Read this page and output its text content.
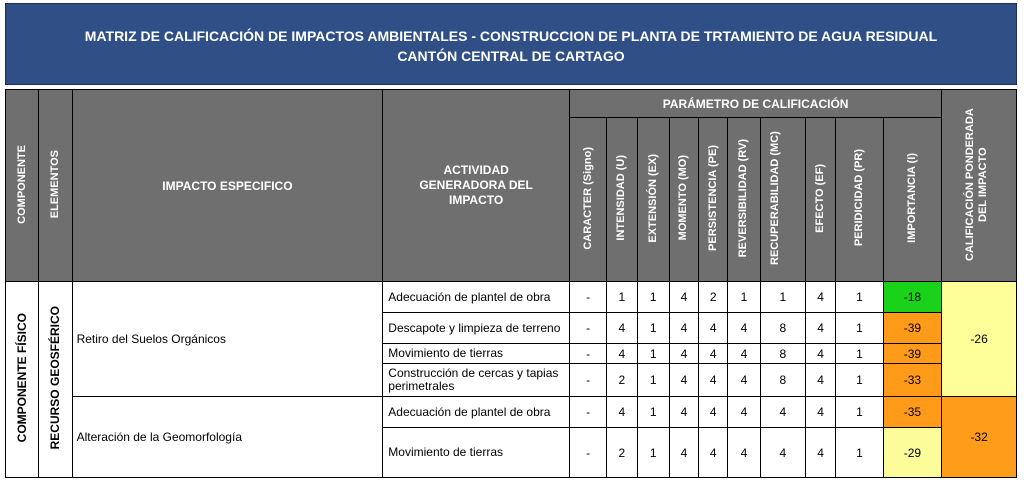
MATRIZ DE CALIFICACIÓN DE IMPACTOS AMBIENTALES - CONSTRUCCION DE PLANTA DE TRTAMIENTO DE AGUA RESIDUAL
CANTÓN CENTRAL DE CARTAGO
COMPONENTE	ELEMENTOS	IMPACTO ESPECIFICO	ACTIVIDAD GENERADORA DEL IMPACTO	PARÁMETRO DE CALIFICACIÓN										CALIFICACIÓN PONDERADA DEL IMPACTO
				CARACTER (Signo)	INTENSIDAD (U)	EXTENSIÓN (EX)	MOMENTO (MO)	PERSISTENCIA (PE)	REVERSIBILIDAD (RV)	RECUPERABILIDAD (MC)	EFECTO (EF)	PERIDICIDAD (PR)	IMPORTANCIA (I)	
COMPONENTE FÍSICO	RECURSO GEOSFÉRICO	Retiro del Suelos Orgánicos	Adecuación de plantel de obra	-	1	1	4	2	1	1	4	1	-18	-26
			Descapote y limpieza de terreno	-	4	1	4	4	4	8	4	1	-39	
			Movimiento de tierras	-	4	1	4	4	4	8	4	1	-39	
			Construcción de cercas y tapias perimetrales	-	2	1	4	4	4	8	4	1	-33	
		Alteración de la Geomorfología	Adecuación de plantel de obra	-	4	1	4	4	4	4	4	1	-35	-32
			Movimiento de tierras	-	2	1	4	4	4	4	4	1	-29	
